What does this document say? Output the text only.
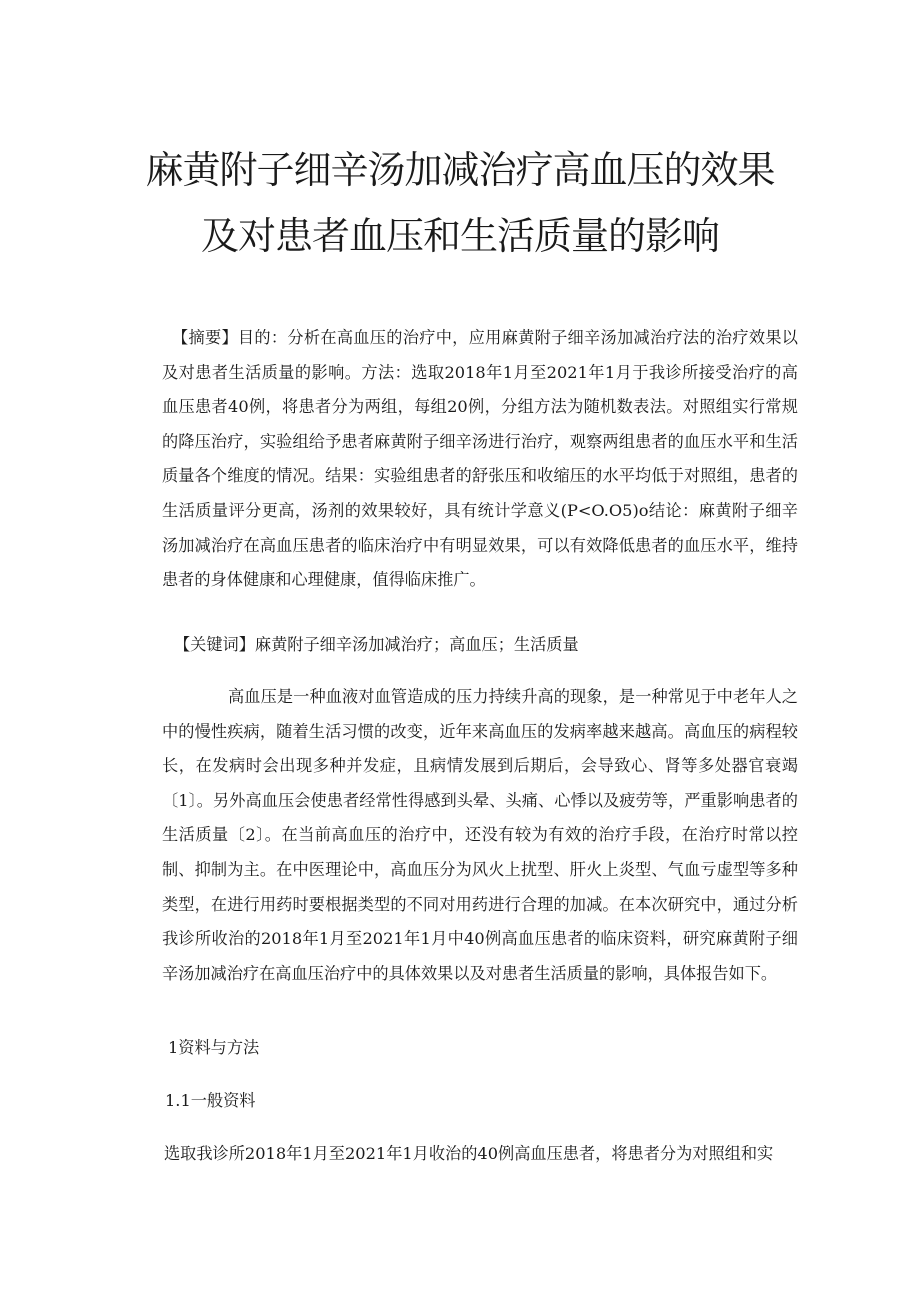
麻黄附子细辛汤加减治疗高血压的效果
及对患者血压和生活质量的影响

【摘要】目的：分析在高血压的治疗中，应用麻黄附子细辛汤加减治疗法的治疗效果以及对患者生活质量的影响。方法：选取2018年1月至2021年1月于我诊所接受治疗的高血压患者40例，将患者分为两组，每组20例，分组方法为随机数表法。对照组实行常规的降压治疗，实验组给予患者麻黄附子细辛汤进行治疗，观察两组患者的血压水平和生活质量各个维度的情况。结果：实验组患者的舒张压和收缩压的水平均低于对照组，患者的生活质量评分更高，汤剂的效果较好，具有统计学意义(P<O.O5)o结论：麻黄附子细辛汤加减治疗在高血压患者的临床治疗中有明显效果，可以有效降低患者的血压水平，维持患者的身体健康和心理健康，值得临床推广。

【关键词】麻黄附子细辛汤加减治疗；高血压；生活质量

高血压是一种血液对血管造成的压力持续升高的现象，是一种常见于中老年人之中的慢性疾病，随着生活习惯的改变，近年来高血压的发病率越来越高。高血压的病程较长，在发病时会出现多种并发症，且病情发展到后期后，会导致心、肾等多处器官衰竭〔1〕。另外高血压会使患者经常性得感到头晕、头痛、心悸以及疲劳等，严重影响患者的生活质量〔2〕。在当前高血压的治疗中，还没有较为有效的治疗手段，在治疗时常以控制、抑制为主。在中医理论中，高血压分为风火上扰型、肝火上炎型、气血亏虚型等多种类型，在进行用药时要根据类型的不同对用药进行合理的加减。在本次研究中，通过分析我诊所收治的2018年1月至2021年1月中40例高血压患者的临床资料，研究麻黄附子细辛汤加减治疗在高血压治疗中的具体效果以及对患者生活质量的影响，具体报告如下。

1资料与方法

1.1一般资料

选取我诊所2018年1月至2021年1月收治的40例高血压患者，将患者分为对照组和实
